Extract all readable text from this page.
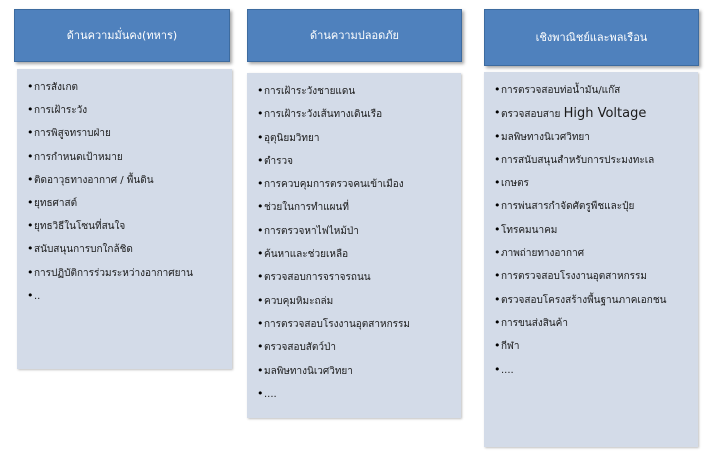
ด้านความมั่นคง(ทหาร)
• การสังเกต
• การเฝ้าระวัง
• การพิสูจทราบฝ่าย
• การกำหนดเป้าหมาย
• ติดอาวุธทางอากาศ / พื้นดิน
• ยุทธศาสต์
• ยุทธวิธีในโซนที่สนใจ
• สนับสนุนการบกใกล้ชิด
• การปฏิบัติการร่วมระหว่างอากาศยาน
• ..
ด้านความปลอดภัย
• การเฝ้าระวังชายแดน
• การเฝ้าระวังเส้นทางเดินเรือ
• อุตุนิยมวิทยา
• ตำรวจ
• การควบคุมการตรวจคนเข้าเมือง
• ช่วยในการทำแผนที่
• การตรวจหาไฟไหม้ป่า
• ค้นหาและช่วยเหลือ
• ตรวจสอบการจราจรถนน
• ควบคุมหิมะถล่ม
• การตรวจสอบโรงงานอุตสาหกรรม
• ตรวจสอบสัตว์ป่า
• มลพิษทางนิเวศวิทยา
• ....
เชิงพาณิชย์และพลเรือน
• การตรวจสอบท่อน้ำมัน/แก๊ส
• ตรวจสอบสาย High Voltage
• มลพิษทางนิเวศวิทยา
• การสนับสนุนสำหรับการประมงทะเล
• เกษตร
• การพ่นสารกำจัดศัตรูพืชและปุ๋ย
• โทรคมนาคม
• ภาพถ่ายทางอากาศ
• การตรวจสอบโรงงานอุตสาหกรรม
• ตรวจสอบโครงสร้างพื้นฐานภาคเอกชน
• การขนส่งสินค้า
• กีฬา
• ....
